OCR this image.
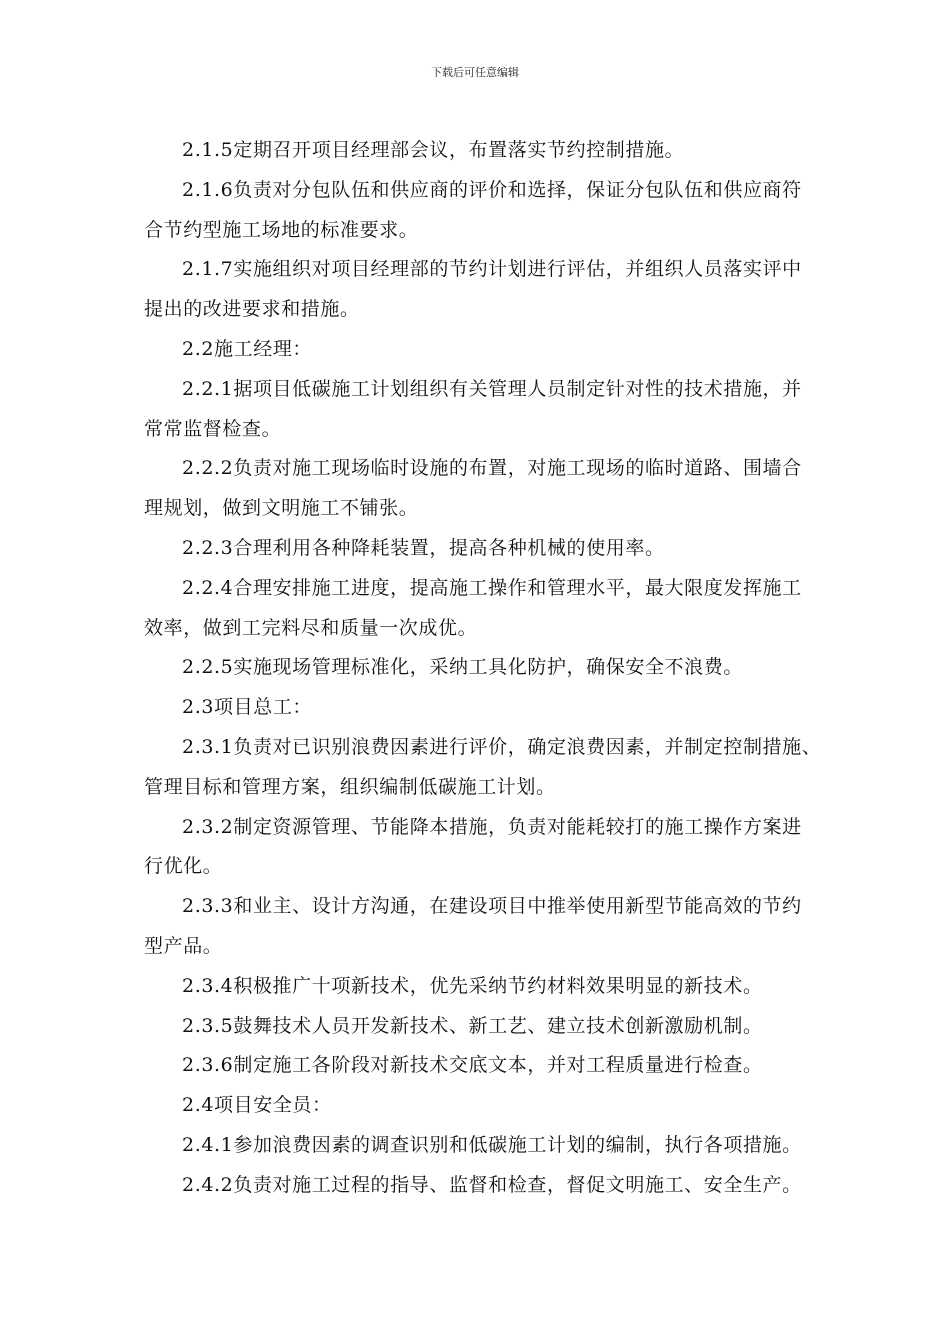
下载后可任意编辑

2.1.5定期召开项目经理部会议，布置落实节约控制措施。

2.1.6负责对分包队伍和供应商的评价和选择，保证分包队伍和供应商符
合节约型施工场地的标准要求。

2.1.7实施组织对项目经理部的节约计划进行评估，并组织人员落实评中
提出的改进要求和措施。

2.2施工经理：

2.2.1据项目低碳施工计划组织有关管理人员制定针对性的技术措施，并
常常监督检查。

2.2.2负责对施工现场临时设施的布置，对施工现场的临时道路、围墙合
理规划，做到文明施工不铺张。

2.2.3合理利用各种降耗装置，提高各种机械的使用率。

2.2.4合理安排施工进度，提高施工操作和管理水平，最大限度发挥施工
效率，做到工完料尽和质量一次成优。

2.2.5实施现场管理标准化，采纳工具化防护，确保安全不浪费。

2.3项目总工：

2.3.1负责对已识别浪费因素进行评价，确定浪费因素，并制定控制措施、
管理目标和管理方案，组织编制低碳施工计划。

2.3.2制定资源管理、节能降本措施，负责对能耗较打的施工操作方案进
行优化。

2.3.3和业主、设计方沟通，在建设项目中推举使用新型节能高效的节约
型产品。

2.3.4积极推广十项新技术，优先采纳节约材料效果明显的新技术。

2.3.5鼓舞技术人员开发新技术、新工艺、建立技术创新激励机制。

2.3.6制定施工各阶段对新技术交底文本，并对工程质量进行检查。

2.4项目安全员：

2.4.1参加浪费因素的调查识别和低碳施工计划的编制，执行各项措施。

2.4.2负责对施工过程的指导、监督和检查，督促文明施工、安全生产。
